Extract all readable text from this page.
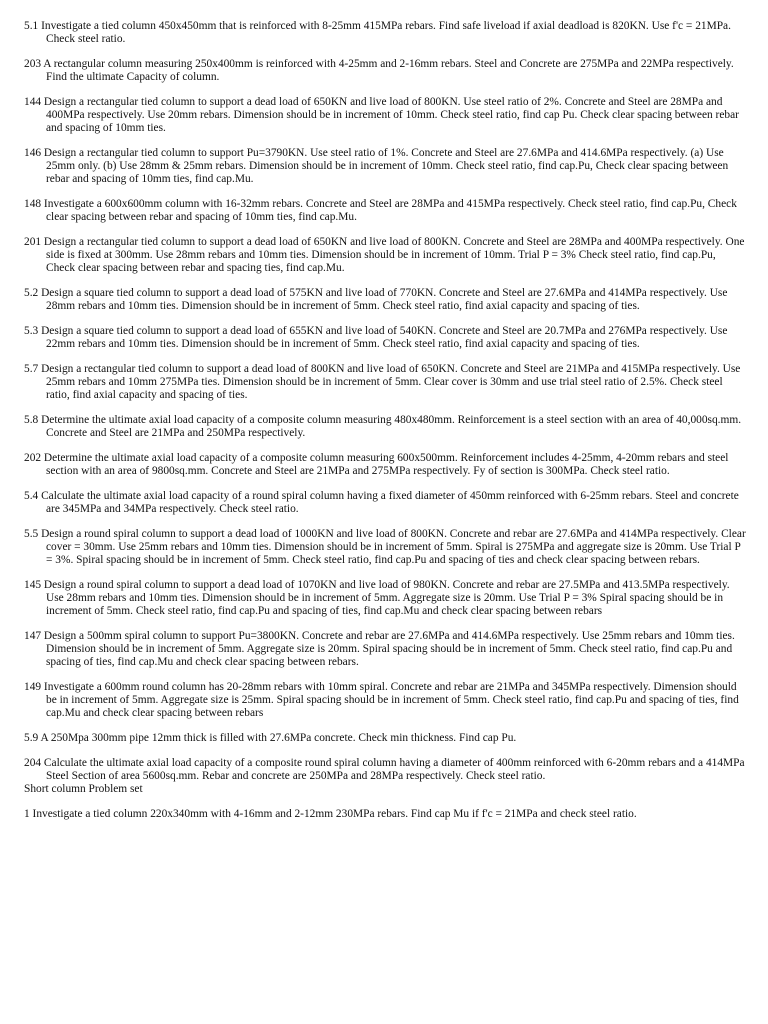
5.1 Investigate a tied column 450x450mm that is reinforced with 8-25mm 415MPa rebars. Find safe liveload if axial deadload is 820KN. Use f'c = 21MPa. Check steel ratio.

203 A rectangular column measuring 250x400mm is reinforced with 4-25mm and 2-16mm rebars. Steel and Concrete are 275MPa and 22MPa respectively. Find the ultimate Capacity of column.

144 Design a rectangular tied column to support a dead load of 650KN and live load of 800KN. Use steel ratio of 2%. Concrete and Steel are 28MPa and 400MPa respectively. Use 20mm rebars. Dimension should be in increment of 10mm. Check steel ratio, find cap Pu. Check clear spacing between rebar and spacing of 10mm ties.

146 Design a rectangular tied column to support Pu=3790KN. Use steel ratio of 1%. Concrete and Steel are 27.6MPa and 414.6MPa respectively. (a) Use 25mm only. (b) Use 28mm & 25mm rebars. Dimension should be in increment of 10mm. Check steel ratio, find cap.Pu, Check clear spacing between rebar and spacing of 10mm ties, find cap.Mu.

148 Investigate a 600x600mm column with 16-32mm rebars. Concrete and Steel are 28MPa and 415MPa respectively. Check steel ratio, find cap.Pu, Check clear spacing between rebar and spacing of 10mm ties, find cap.Mu.

201 Design a rectangular tied column to support a dead load of 650KN and live load of 800KN. Concrete and Steel are 28MPa and 400MPa respectively. One side is fixed at 300mm. Use 28mm rebars and 10mm ties. Dimension should be in increment of 10mm. Trial P = 3% Check steel ratio, find cap.Pu, Check clear spacing between rebar and spacing ties, find cap.Mu.

5.2 Design a square tied column to support a dead load of 575KN and live load of 770KN. Concrete and Steel are 27.6MPa and 414MPa respectively. Use 28mm rebars and 10mm ties. Dimension should be in increment of 5mm. Check steel ratio, find axial capacity and spacing of ties.

5.3 Design a square tied column to support a dead load of 655KN and live load of 540KN. Concrete and Steel are 20.7MPa and 276MPa respectively. Use 22mm rebars and 10mm ties. Dimension should be in increment of 5mm. Check steel ratio, find axial capacity and spacing of ties.

5.7 Design a rectangular tied column to support a dead load of 800KN and live load of 650KN. Concrete and Steel are 21MPa and 415MPa respectively. Use 25mm rebars and 10mm 275MPa ties. Dimension should be in increment of 5mm. Clear cover is 30mm and use trial steel ratio of 2.5%. Check steel ratio, find axial capacity and spacing of ties.

5.8 Determine the ultimate axial load capacity of a composite column measuring 480x480mm. Reinforcement is a steel section with an area of 40,000sq.mm. Concrete and Steel are 21MPa and 250MPa respectively.

202 Determine the ultimate axial load capacity of a composite column measuring 600x500mm. Reinforcement includes 4-25mm, 4-20mm rebars and steel section with an area of 9800sq.mm. Concrete and Steel are 21MPa and 275MPa respectively. Fy of section is 300MPa. Check steel ratio.

5.4 Calculate the ultimate axial load capacity of a round spiral column having a fixed diameter of 450mm reinforced with 6-25mm rebars. Steel and concrete are 345MPa and 34MPa respectively. Check steel ratio.

5.5 Design a round spiral column to support a dead load of 1000KN and live load of 800KN. Concrete and rebar are 27.6MPa and 414MPa respectively. Clear cover = 30mm. Use 25mm rebars and 10mm ties. Dimension should be in increment of 5mm. Spiral is 275MPa and aggregate size is 20mm. Use Trial P = 3%. Spiral spacing should be in increment of 5mm. Check steel ratio, find cap.Pu and spacing of ties and check clear spacing between rebars.

145 Design a round spiral column to support a dead load of 1070KN and live load of 980KN. Concrete and rebar are 27.5MPa and 413.5MPa respectively. Use 28mm rebars and 10mm ties. Dimension should be in increment of 5mm. Aggregate size is 20mm. Use Trial P = 3% Spiral spacing should be in increment of 5mm. Check steel ratio, find cap.Pu and spacing of ties, find cap.Mu and check clear spacing between rebars

147 Design a 500mm spiral column to support Pu=3800KN. Concrete and rebar are 27.6MPa and 414.6MPa respectively. Use 25mm rebars and 10mm ties. Dimension should be in increment of 5mm. Aggregate size is 20mm. Spiral spacing should be in increment of 5mm. Check steel ratio, find cap.Pu and spacing of ties, find cap.Mu and check clear spacing between rebars.

149 Investigate a 600mm round column has 20-28mm rebars with 10mm spiral. Concrete and rebar are 21MPa and 345MPa respectively. Dimension should be in increment of 5mm. Aggregate size is 25mm. Spiral spacing should be in increment of 5mm. Check steel ratio, find cap.Pu and spacing of ties, find cap.Mu and check clear spacing between rebars

5.9 A 250Mpa 300mm pipe 12mm thick is filled with 27.6MPa concrete. Check min thickness. Find cap Pu.

204 Calculate the ultimate axial load capacity of a composite round spiral column having a diameter of 400mm reinforced with 6-20mm rebars and a 414MPa Steel Section of area 5600sq.mm. Rebar and concrete are 250MPa and 28MPa respectively. Check steel ratio.

Short column Problem set

1 Investigate a tied column 220x340mm with 4-16mm and 2-12mm 230MPa rebars. Find cap Mu if f'c = 21MPa and check steel ratio.
